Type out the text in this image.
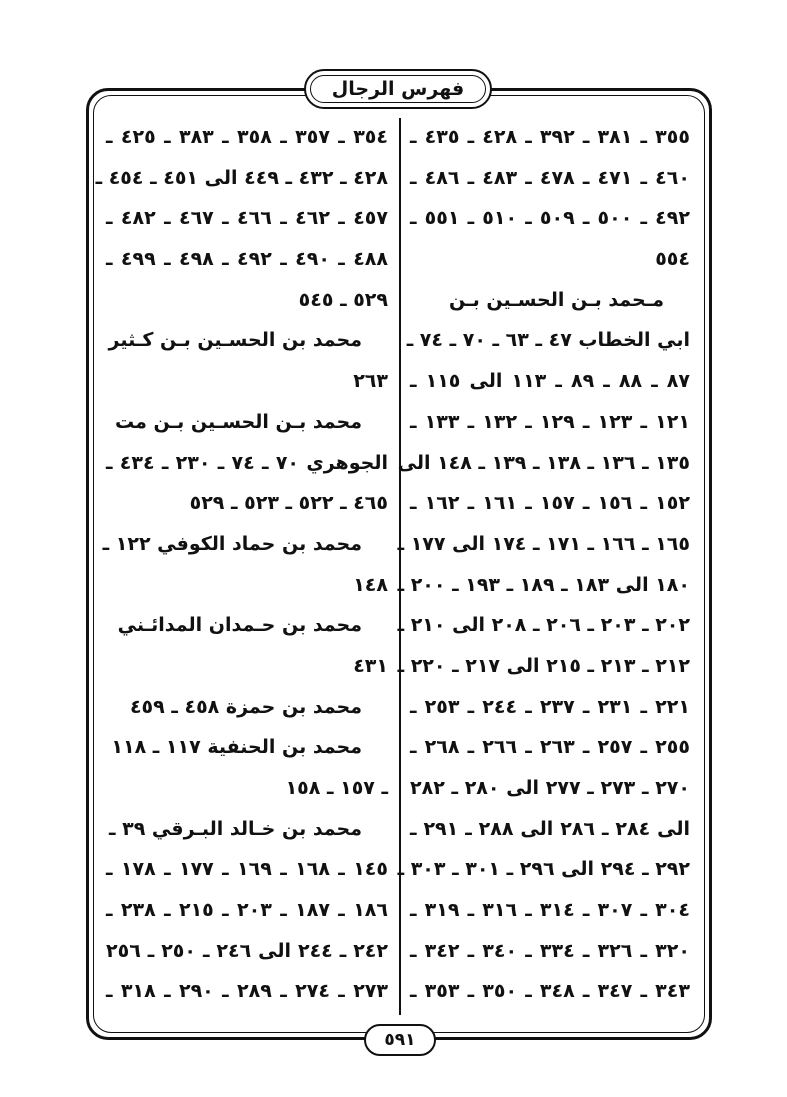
فهرس الرجال
٣٥٥ ـ ٣٨١ ـ ٣٩٢ ـ ٤٢٨ ـ ٤٣٥ ـ
٤٦٠ ـ ٤٧١ ـ ٤٧٨ ـ ٤٨٣ ـ ٤٨٦ ـ
٤٩٢ ـ ٥٠٠ ـ ٥٠٩ ـ ٥١٠ ـ ٥٥١ ـ
٥٥٤
مـحمد بـن الحسـين بـن
ابي الخطاب ٤٧ ـ ٦٣ ـ ٧٠ ـ ٧٤ ـ
٨٧ ـ ٨٨ ـ ٨٩ ـ ١١٣ الى ١١٥ ـ
١٢١ ـ ١٢٣ ـ ١٢٩ ـ ١٣٢ ـ ١٣٣ ـ
١٣٥ ـ ١٣٦ ـ ١٣٨ ـ ١٣٩ ـ ١٤٨ الى
١٥٢ ـ ١٥٦ ـ ١٥٧ ـ ١٦١ ـ ١٦٢ ـ
١٦٥ ـ ١٦٦ ـ ١٧١ ـ ١٧٤ الى ١٧٧ ـ
١٨٠ الى ١٨٣ ـ ١٨٩ ـ ١٩٣ ـ ٢٠٠ ـ
٢٠٢ ـ ٢٠٣ ـ ٢٠٦ ـ ٢٠٨ الى ٢١٠ ـ
٢١٢ ـ ٢١٣ ـ ٢١٥ الى ٢١٧ ـ ٢٢٠ ـ
٢٢١ ـ ٢٣١ ـ ٢٣٧ ـ ٢٤٤ ـ ٢٥٣ ـ
٢٥٥ ـ ٢٥٧ ـ ٢٦٣ ـ ٢٦٦ ـ ٢٦٨ ـ
٢٧٠ ـ ٢٧٣ ـ ٢٧٧ الى ٢٨٠ ـ ٢٨٢
الى ٢٨٤ ـ ٢٨٦ الى ٢٨٨ ـ ٢٩١ ـ
٢٩٢ ـ ٢٩٤ الى ٢٩٦ ـ ٣٠١ ـ ٣٠٣ ـ
٣٠٤ ـ ٣٠٧ ـ ٣١٤ ـ ٣١٦ ـ ٣١٩ ـ
٣٢٠ ـ ٣٢٦ ـ ٣٣٤ ـ ٣٤٠ ـ ٣٤٢ ـ
٣٤٣ ـ ٣٤٧ ـ ٣٤٨ ـ ٣٥٠ ـ ٣٥٣ ـ
٣٥٤ ـ ٣٥٧ ـ ٣٥٨ ـ ٣٨٣ ـ ٤٢٥ ـ
٤٢٨ ـ ٤٣٢ ـ ٤٤٩ الى ٤٥١ ـ ٤٥٤ ـ
٤٥٧ ـ ٤٦٢ ـ ٤٦٦ ـ ٤٦٧ ـ ٤٨٢ ـ
٤٨٨ ـ ٤٩٠ ـ ٤٩٢ ـ ٤٩٨ ـ ٤٩٩ ـ
٥٢٩ ـ ٥٤٥
محمد بن الحسـين بـن كـثير
٢٦٣
محمد بـن الحسـين بـن مت
الجوهري ٧٠ ـ ٧٤ ـ ٢٣٠ ـ ٤٣٤ ـ
٤٦٥ ـ ٥٢٢ ـ ٥٢٣ ـ ٥٢٩
محمد بن حماد الكوفي ١٢٢ ـ
١٤٨
محمد بن حـمدان المدائـني
٤٣١
محمد بن حمزة ٤٥٨ ـ ٤٥٩
محمد بن الحنفية ١١٧ ـ ١١٨
ـ ١٥٧ ـ ١٥٨
محمد بن خـالد البـرقي ٣٩ ـ
١٤٥ ـ ١٦٨ ـ ١٦٩ ـ ١٧٧ ـ ١٧٨ ـ
١٨٦ ـ ١٨٧ ـ ٢٠٣ ـ ٢١٥ ـ ٢٣٨ ـ
٢٤٢ ـ ٢٤٤ الى ٢٤٦ ـ ٢٥٠ ـ ٢٥٦
٢٧٣ ـ ٢٧٤ ـ ٢٨٩ ـ ٢٩٠ ـ ٣١٨ ـ
٥٩١
